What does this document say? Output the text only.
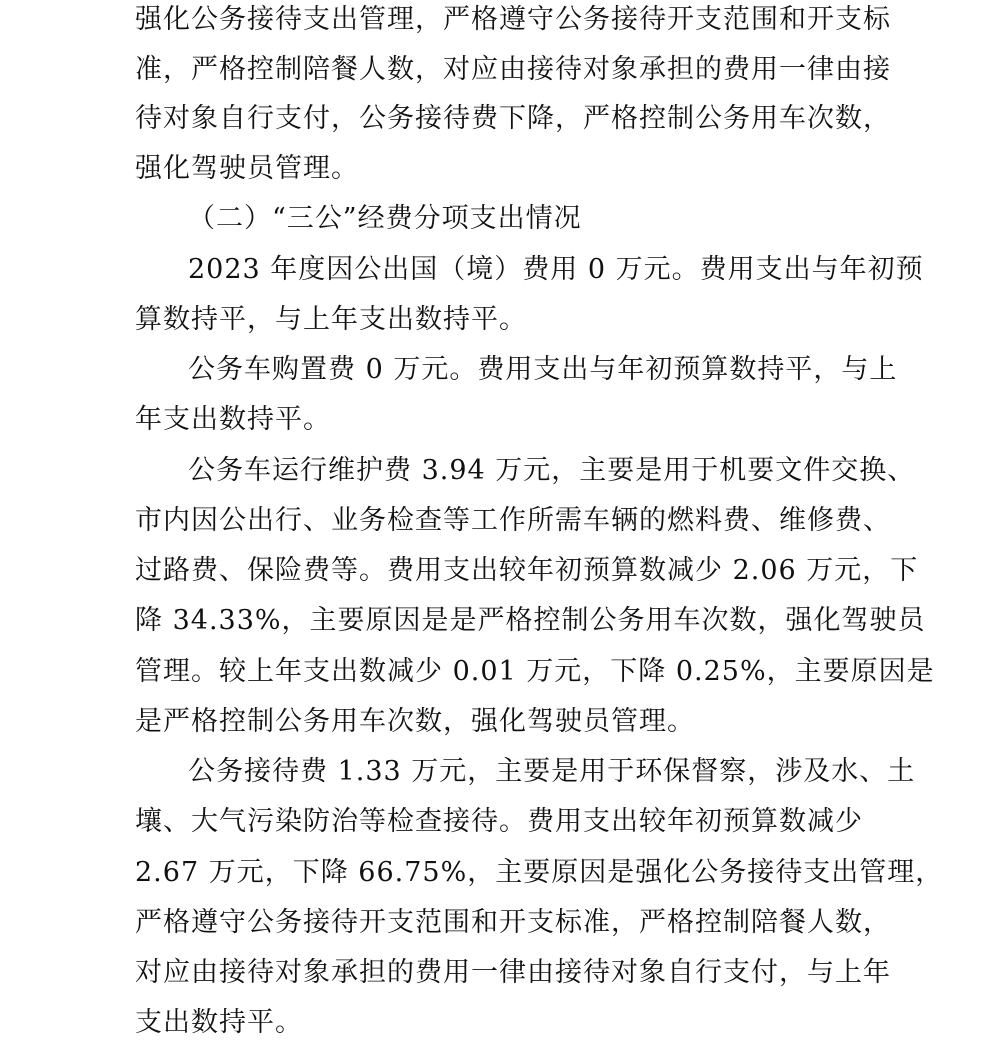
强化公务接待支出管理，严格遵守公务接待开支范围和开支标
准，严格控制陪餐人数，对应由接待对象承担的费用一律由接
待对象自行支付，公务接待费下降，严格控制公务用车次数，
强化驾驶员管理。
（二）“三公”经费分项支出情况
2023 年度因公出国（境）费用 0 万元。费用支出与年初预
算数持平，与上年支出数持平。
公务车购置费 0 万元。费用支出与年初预算数持平，与上
年支出数持平。
公务车运行维护费 3.94 万元，主要是用于机要文件交换、
市内因公出行、业务检查等工作所需车辆的燃料费、维修费、
过路费、保险费等。费用支出较年初预算数减少 2.06 万元，下
降 34.33%，主要原因是是严格控制公务用车次数，强化驾驶员
管理。较上年支出数减少 0.01 万元，下降 0.25%，主要原因是
是严格控制公务用车次数，强化驾驶员管理。
公务接待费 1.33 万元，主要是用于环保督察，涉及水、土
壤、大气污染防治等检查接待。费用支出较年初预算数减少
2.67 万元，下降 66.75%，主要原因是强化公务接待支出管理，
严格遵守公务接待开支范围和开支标准，严格控制陪餐人数，
对应由接待对象承担的费用一律由接待对象自行支付，与上年
支出数持平。
